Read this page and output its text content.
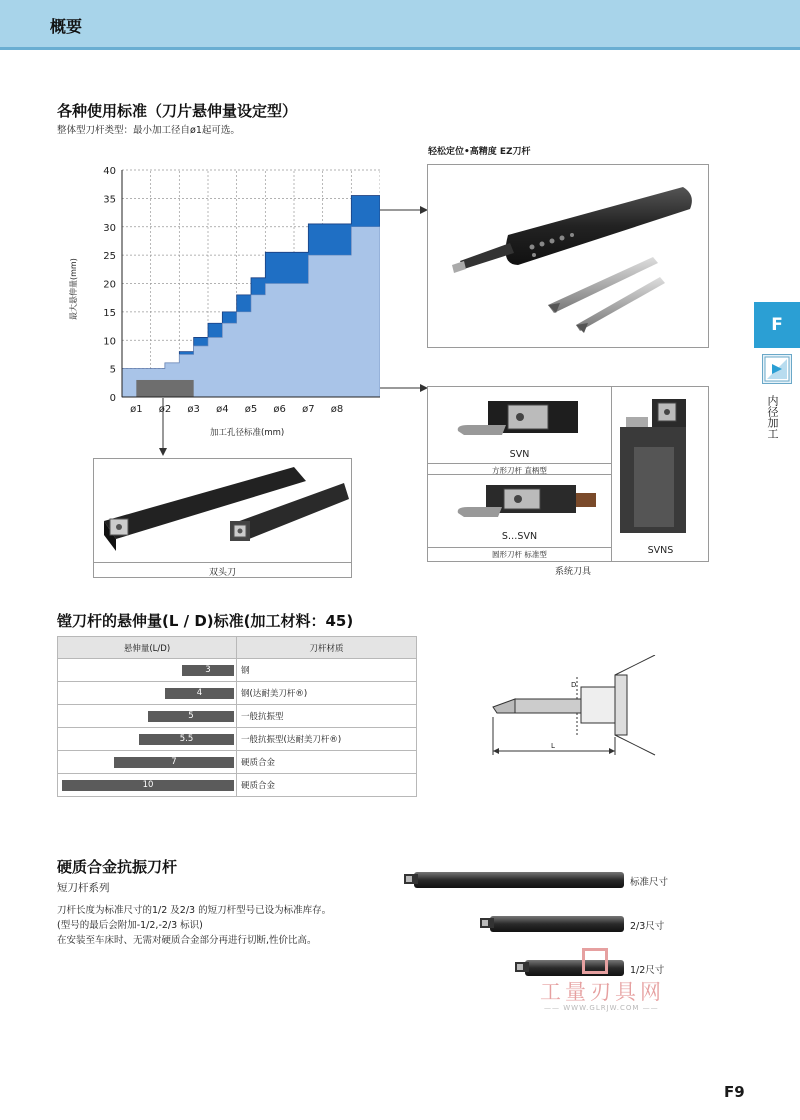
概要
F
内径加工
各种使用标准（刀片悬伸量设定型）
整体型刀杆类型：最小加工径自ø1起可选。
0
5
10
15
20
25
30
35
40
ø1 ø2 ø3 ø4 ø5 ø6 ø7 ø8
最大悬伸量(mm)
加工孔径标准(mm)
轻松定位•高精度 EZ刀杆
双头刀
SVN
方形刀杆 直柄型
S…SVN
圆形刀杆 标准型	SVNS
系统刀具
镗刀杆的悬伸量(L / D)标准(加工材料：45)
悬伸量(L/D)	刀杆材质
3	钢
4	钢(达耐美刀杆®)
5	一般抗振型
5.5	一般抗振型(达耐美刀杆®)
7	硬质合金
10	硬质合金
D
L
硬质合金抗振刀杆
短刀杆系列
刀杆长度为标准尺寸的1/2 及2/3 的短刀杆型号已设为标准库存。
(型号的最后会附加-1/2,-2/3 标识)
在安装至车床时、无需对硬质合金部分再进行切断,性价比高。
标准尺寸
2/3尺寸
1/2尺寸
工量刃具网
—— WWW.GLRJW.COM ——
F9
